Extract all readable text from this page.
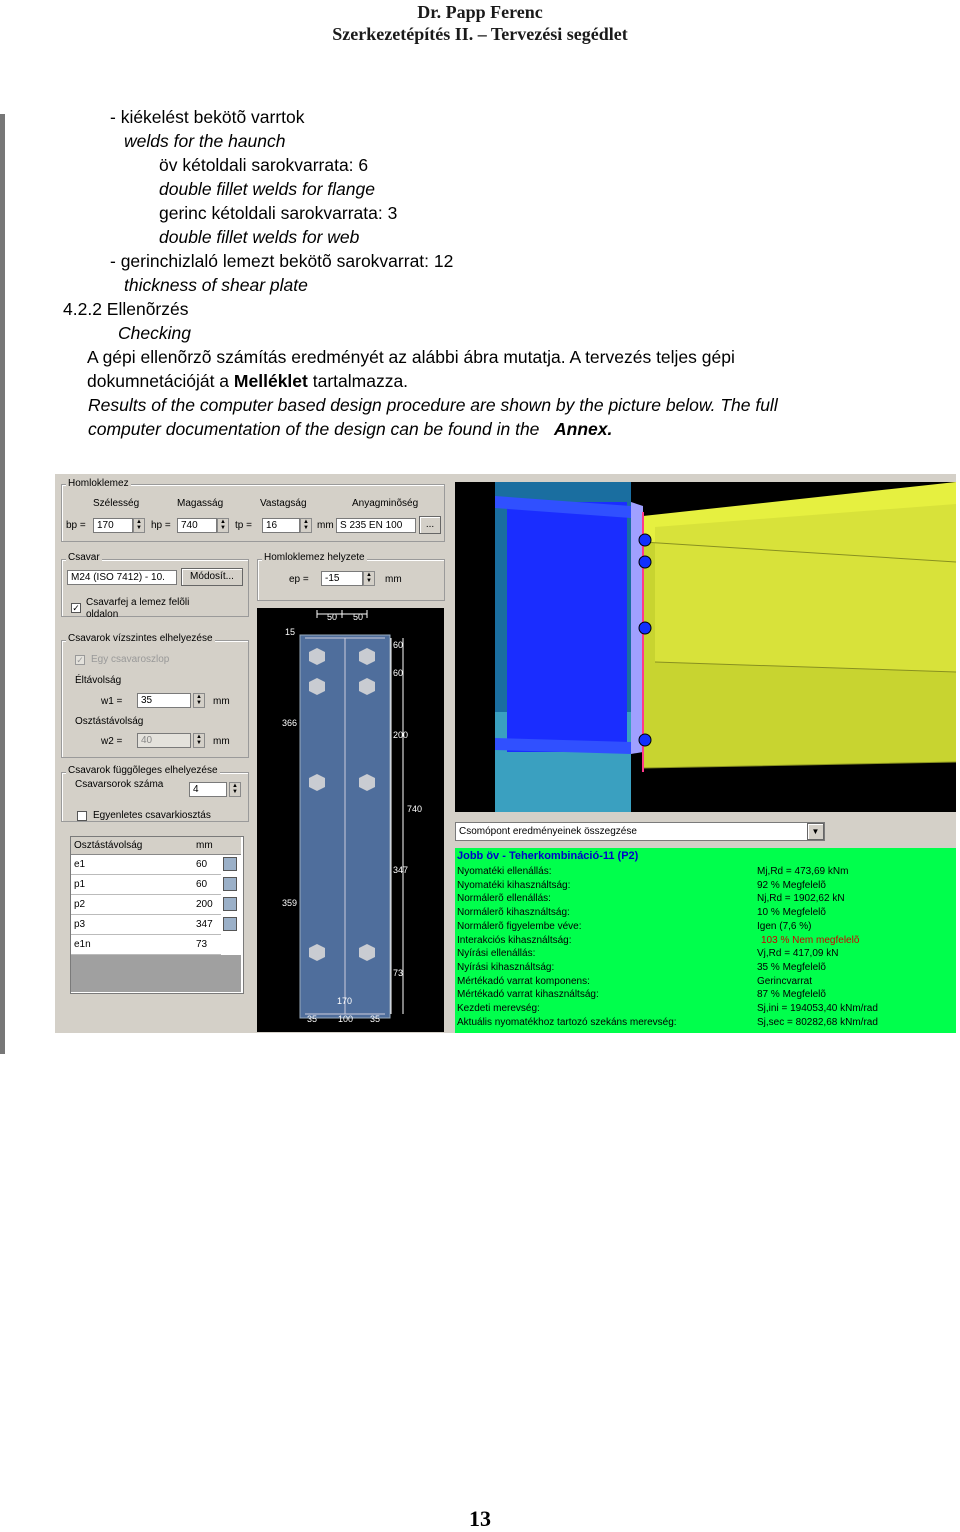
Dr. Papp Ferenc
Szerkezetépítés II. – Tervezési segédlet
- kiékelést bekötõ varrtok
welds for the haunch
öv kétoldali sarokvarrata: 6
double fillet welds for flange
gerinc kétoldali sarokvarrata: 3
double fillet welds for web
- gerinchizlaló lemezt bekötõ sarokvarrat: 12
thickness of shear plate
4.2.2 Ellenõrzés
Checking
A gépi ellenõrzõ számítás eredményét az alábbi ábra mutatja. A tervezés teljes gépi
dokumnetációját a Melléklet tartalmazza.
Results of the computer based design procedure are shown by the picture below. The full
computer documentation of the design can be found in the Annex.
Homloklemez
Szélesség	Magasság	Vastagság	Anyagminõség
bp =	170	▲
▼ hp =	740	▲
▼ tp =	16	▲
▼ mm S 235 EN 100	...
Csavar
M24 (ISO 7412) - 10.	Módosít...
✓ Csavarfej a lemez felõli
oldalon
Homloklemez helyzete
ep =	-15	▲
▼	mm
Csavarok vízszintes elhelyezése
✓ Egy csavaroszlop
Éltávolság
w1 =	35	▲
▼	mm
Osztástávolság
w2 =	40	▲
▼	mm
Csavarok függõleges elhelyezése
Csavarsorok száma	4	▲
▼
Egyenletes csavarkiosztás
Osztástávolság	mm
e1	60
p1	60
p2	200
p3	347
e1n	73
50 50
15
60
60
200
740
347
73
366
359
170
35 100 35
Csomópont eredményeinek összegzése	▼
Jobb öv - Teherkombináció-11 (P2)
Nyomatéki ellenállás:	Mj,Rd = 473,69 kNm
Nyomatéki kihasználtság:	92 % Megfelelõ
Normálerõ ellenállás:	Nj,Rd = 1902,62 kN
Normálerõ kihasználtság:	10 % Megfelelõ
Normálerõ figyelembe véve:	Igen (7,6 %)
Interakciós kihasználtság:	103 % Nem megfelelõ
Nyírási ellenállás:	Vj,Rd = 417,09 kN
Nyírási kihasználtság:	35 % Megfelelõ
Mértékadó varrat komponens:	Gerincvarrat
Mértékadó varrat kihasználtság:	87 % Megfelelõ
Kezdeti merevség:	Sj,ini = 194053,40 kNm/rad
Aktuális nyomatékhoz tartozó szekáns merevség:	Sj,sec = 80282,68 kNm/rad
13
